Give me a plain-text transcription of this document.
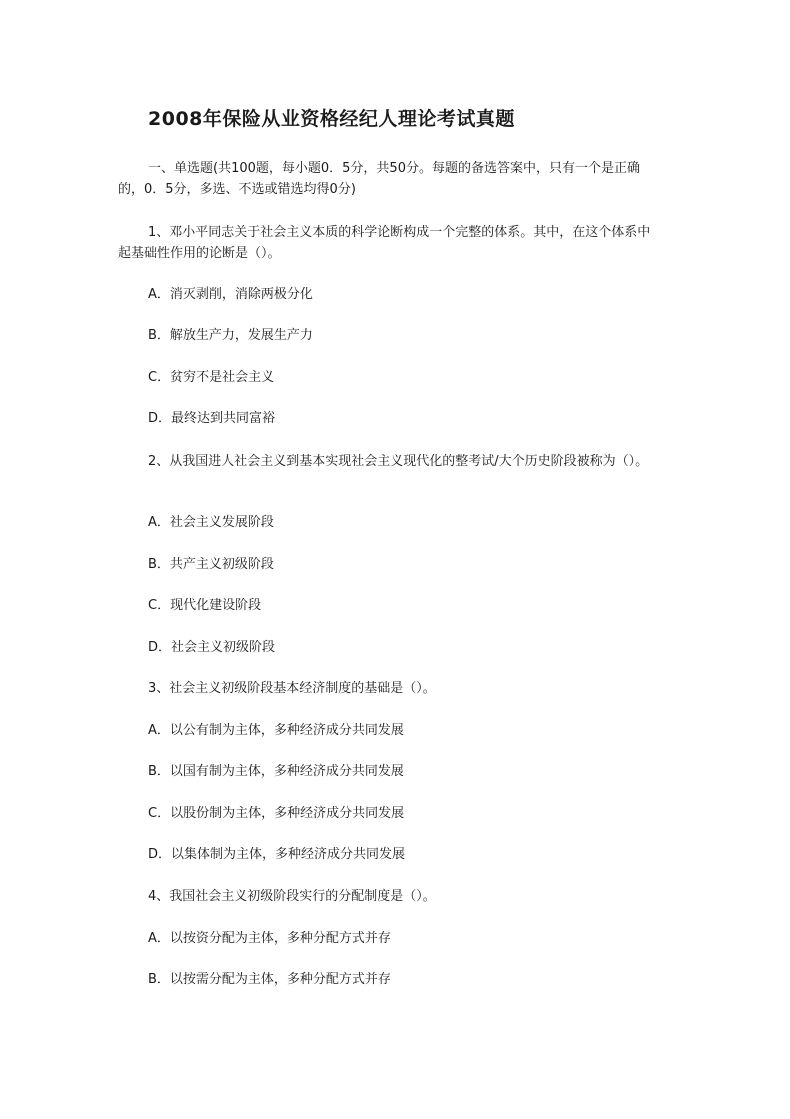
2008年保险从业资格经纪人理论考试真题
一、单选题(共100题，每小题0．5分，共50分。每题的备选答案中，只有一个是正确的，0．5分，多选、不选或错选均得0分)
1、邓小平同志关于社会主义本质的科学论断构成一个完整的体系。其中，在这个体系中起基础性作用的论断是（）。
A．消灭剥削，消除两极分化
B．解放生产力，发展生产力
C．贫穷不是社会主义
D．最终达到共同富裕
2、从我国进人社会主义到基本实现社会主义现代化的整考试/大个历史阶段被称为（）。
A．社会主义发展阶段
B．共产主义初级阶段
C．现代化建设阶段
D．社会主义初级阶段
3、社会主义初级阶段基本经济制度的基础是（）。
A．以公有制为主体，多种经济成分共同发展
B．以国有制为主体，多种经济成分共同发展
C．以股份制为主体，多种经济成分共同发展
D．以集体制为主体，多种经济成分共同发展
4、我国社会主义初级阶段实行的分配制度是（）。
A．以按资分配为主体，多种分配方式并存
B．以按需分配为主体，多种分配方式并存
